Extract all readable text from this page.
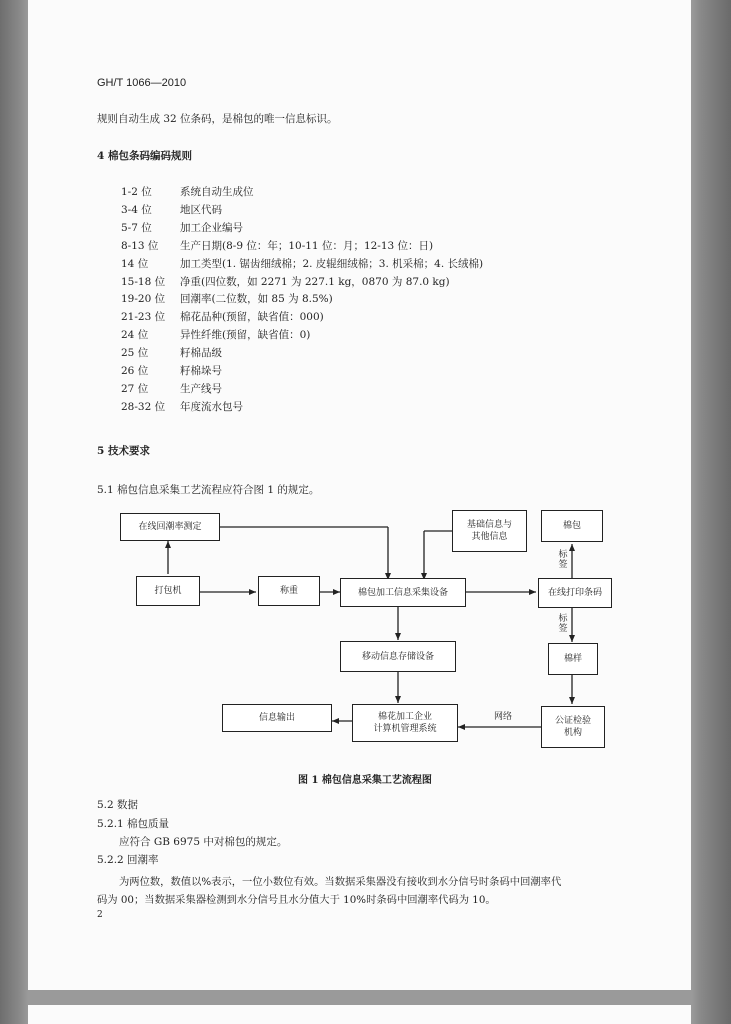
GH/T 1066—2010
规则自动生成 32 位条码，是棉包的唯一信息标识。
4 棉包条码编码规则
1-2 位	系统自动生成位
3-4 位	地区代码
5-7 位	加工企业编号
8-13 位 生产日期(8-9 位：年；10-11 位：月；12-13 位：日)
14 位	加工类型(1. 锯齿细绒棉；2. 皮辊细绒棉；3. 机采棉；4. 长绒棉)
15-18 位 净重(四位数，如 2271 为 227.1 kg，0870 为 87.0 kg)
19-20 位 回潮率(二位数，如 85 为 8.5%)
21-23 位 棉花品种(预留，缺省值：000)
24 位	异性纤维(预留，缺省值：0)
25 位	籽棉品级
26 位	籽棉垛号
27 位	生产线号
28-32 位 年度流水包号
5 技术要求
5.1 棉包信息采集工艺流程应符合图 1 的规定。
在线回潮率测定
打包机	称重	棉包加工信息采集设备
基础信息与
其他信息
棉包
在线打印条码
移动信息存储设备	棉样
信息输出	棉花加工企业
计算机管理系统
公证检验
机构
标
签
标
签
网络
图 1 棉包信息采集工艺流程图
5.2 数据
5.2.1 棉包质量
应符合 GB 6975 中对棉包的规定。
5.2.2 回潮率
为两位数，数值以%表示，一位小数位有效。当数据采集器没有接收到水分信号时条码中回潮率代
码为 00；当数据采集器检测到水分信号且水分值大于 10%时条码中回潮率代码为 10。
2
